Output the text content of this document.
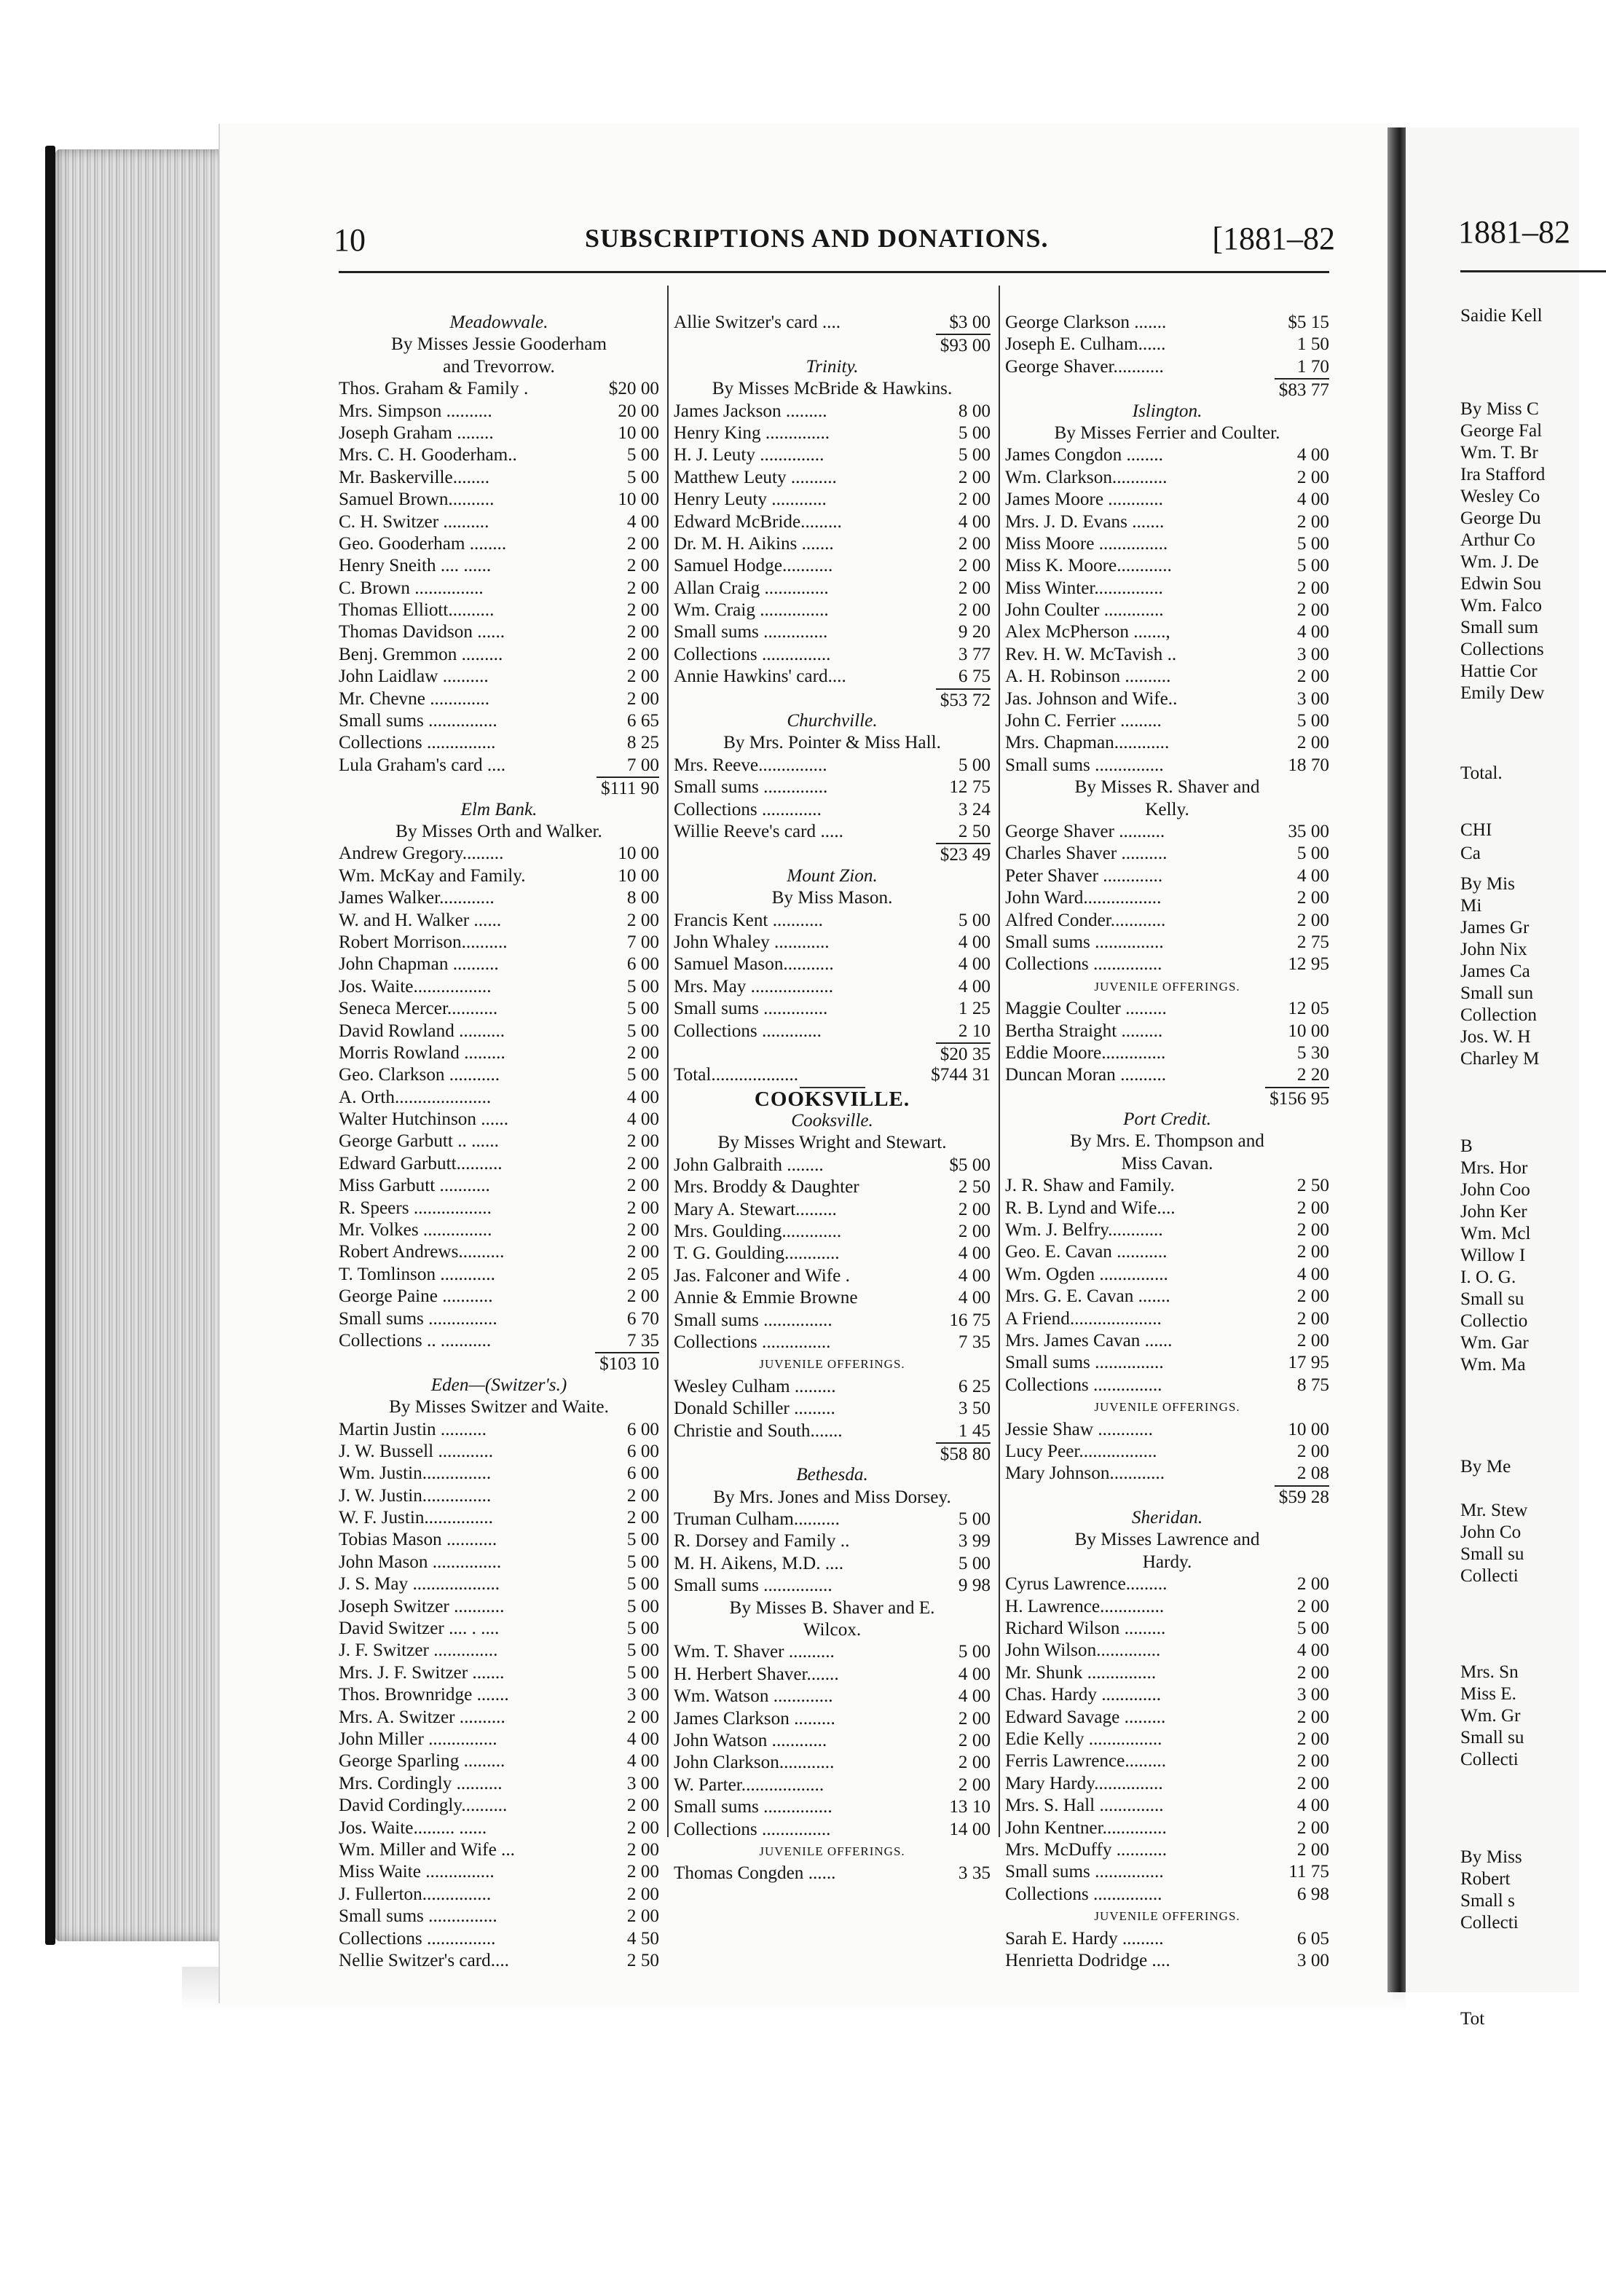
1881–82
Saidie Kell
By Miss C
George Fal
Wm. T. Br
Ira Stafford
Wesley Co
George Du
Arthur Co
Wm. J. De
Edwin Sou
Wm. Falco
Small sum
Collections
Hattie Cor
Emily Dew
Total.
CHI
Ca
By Mis
Mi
James Gr
John Nix
James Ca
Small sun
Collection
Jos. W. H
Charley M
B
Mrs. Hor
John Coo
John Ker
Wm. Mcl
Willow I
I. O. G.
Small su
Collectio
Wm. Gar
Wm. Ma
By Me
Mr. Stew
John Co
Small su
Collecti
Mrs. Sn
Miss E.
Wm. Gr
Small su
Collecti
By Miss
Robert
Small s
Collecti
Tot
10	SUBSCRIPTIONS AND DONATIONS.	[1881–82
Meadowvale.
By Misses Jessie Gooderham
and Trevorrow.
Thos. Graham & Family .	$20 00
Mrs. Simpson ..........	20 00
Joseph Graham ........	10 00
Mrs. C. H. Gooderham..	5 00
Mr. Baskerville........	5 00
Samuel Brown..........	10 00
C. H. Switzer ..........	4 00
Geo. Gooderham ........	2 00
Henry Sneith .... ......	2 00
C. Brown ...............	2 00
Thomas Elliott..........	2 00
Thomas Davidson ......	2 00
Benj. Gremmon .........	2 00
John Laidlaw ..........	2 00
Mr. Chevne .............	2 00
Small sums ...............	6 65
Collections ...............	8 25
Lula Graham's card ....	7 00
$111 90
Elm Bank.
By Misses Orth and Walker.
Andrew Gregory.........	10 00
Wm. McKay and Family.	10 00
James Walker............	8 00
W. and H. Walker ......	2 00
Robert Morrison..........	7 00
John Chapman ..........	6 00
Jos. Waite.................	5 00
Seneca Mercer...........	5 00
David Rowland ..........	5 00
Morris Rowland .........	2 00
Geo. Clarkson ...........	5 00
A. Orth.....................	4 00
Walter Hutchinson ......	4 00
George Garbutt .. ......	2 00
Edward Garbutt..........	2 00
Miss Garbutt ...........	2 00
R. Speers .................	2 00
Mr. Volkes ...............	2 00
Robert Andrews..........	2 00
T. Tomlinson ............	2 05
George Paine ...........	2 00
Small sums ...............	6 70
Collections .. ...........	7 35
$103 10
Eden—(Switzer's.)
By Misses Switzer and Waite.
Martin Justin ..........	6 00
J. W. Bussell ............	6 00
Wm. Justin...............	6 00
J. W. Justin...............	2 00
W. F. Justin...............	2 00
Tobias Mason ...........	5 00
John Mason ...............	5 00
J. S. May ...................	5 00
Joseph Switzer ...........	5 00
David Switzer .... . ....	5 00
J. F. Switzer ..............	5 00
Mrs. J. F. Switzer .......	5 00
Thos. Brownridge .......	3 00
Mrs. A. Switzer ..........	2 00
John Miller ...............	4 00
George Sparling .........	4 00
Mrs. Cordingly ..........	3 00
David Cordingly..........	2 00
Jos. Waite......... ......	2 00
Wm. Miller and Wife ...	2 00
Miss Waite ...............	2 00
J. Fullerton...............	2 00
Small sums ...............	2 00
Collections ...............	4 50
Nellie Switzer's card....	2 50
Allie Switzer's card ....	$3 00
$93 00
Trinity.
By Misses McBride & Hawkins.
James Jackson .........	8 00
Henry King ..............	5 00
H. J. Leuty ..............	5 00
Matthew Leuty ..........	2 00
Henry Leuty ............	2 00
Edward McBride.........	4 00
Dr. M. H. Aikins .......	2 00
Samuel Hodge...........	2 00
Allan Craig ..............	2 00
Wm. Craig ...............	2 00
Small sums ..............	9 20
Collections ...............	3 77
Annie Hawkins' card....	6 75
$53 72
Churchville.
By Mrs. Pointer & Miss Hall.
Mrs. Reeve...............	5 00
Small sums ..............	12 75
Collections .............	3 24
Willie Reeve's card .....	2 50
$23 49
Mount Zion.
By Miss Mason.
Francis Kent ...........	5 00
John Whaley ............	4 00
Samuel Mason...........	4 00
Mrs. May ..................	4 00
Small sums ..............	1 25
Collections .............	2 10
$20 35
Total...................	$744 31
COOKSVILLE.
Cooksville.
By Misses Wright and Stewart.
John Galbraith ........	$5 00
Mrs. Broddy & Daughter	2 50
Mary A. Stewart.........	2 00
Mrs. Goulding.............	2 00
T. G. Goulding............	4 00
Jas. Falconer and Wife .	4 00
Annie & Emmie Browne	4 00
Small sums ...............	16 75
Collections ...............	7 35
JUVENILE OFFERINGS.
Wesley Culham .........	6 25
Donald Schiller .........	3 50
Christie and South.......	1 45
$58 80
Bethesda.
By Mrs. Jones and Miss Dorsey.
Truman Culham..........	5 00
R. Dorsey and Family ..	3 99
M. H. Aikens, M.D. ....	5 00
Small sums ...............	9 98
By Misses B. Shaver and E.
Wilcox.
Wm. T. Shaver ..........	5 00
H. Herbert Shaver.......	4 00
Wm. Watson .............	4 00
James Clarkson .........	2 00
John Watson ............	2 00
John Clarkson............	2 00
W. Parter..................	2 00
Small sums ...............	13 10
Collections ...............	14 00
JUVENILE OFFERINGS.
Thomas Congden ......	3 35
George Clarkson .......	$5 15
Joseph E. Culham......	1 50
George Shaver...........	1 70
$83 77
Islington.
By Misses Ferrier and Coulter.
James Congdon ........	4 00
Wm. Clarkson............	2 00
James Moore ............	4 00
Mrs. J. D. Evans .......	2 00
Miss Moore ...............	5 00
Miss K. Moore............	5 00
Miss Winter...............	2 00
John Coulter .............	2 00
Alex McPherson .......,	4 00
Rev. H. W. McTavish ..	3 00
A. H. Robinson ..........	2 00
Jas. Johnson and Wife..	3 00
John C. Ferrier .........	5 00
Mrs. Chapman............	2 00
Small sums ...............	18 70
By Misses R. Shaver and
Kelly.
George Shaver ..........	35 00
Charles Shaver ..........	5 00
Peter Shaver .............	4 00
John Ward.................	2 00
Alfred Conder............	2 00
Small sums ...............	2 75
Collections ...............	12 95
JUVENILE OFFERINGS.
Maggie Coulter .........	12 05
Bertha Straight .........	10 00
Eddie Moore..............	5 30
Duncan Moran ..........	2 20
$156 95
Port Credit.
By Mrs. E. Thompson and
Miss Cavan.
J. R. Shaw and Family.	2 50
R. B. Lynd and Wife....	2 00
Wm. J. Belfry............	2 00
Geo. E. Cavan ...........	2 00
Wm. Ogden ...............	4 00
Mrs. G. E. Cavan .......	2 00
A Friend....................	2 00
Mrs. James Cavan ......	2 00
Small sums ...............	17 95
Collections ...............	8 75
JUVENILE OFFERINGS.
Jessie Shaw ............	10 00
Lucy Peer.................	2 00
Mary Johnson............	2 08
$59 28
Sheridan.
By Misses Lawrence and
Hardy.
Cyrus Lawrence.........	2 00
H. Lawrence..............	2 00
Richard Wilson .........	5 00
John Wilson..............	4 00
Mr. Shunk ...............	2 00
Chas. Hardy .............	3 00
Edward Savage .........	2 00
Edie Kelly ................	2 00
Ferris Lawrence.........	2 00
Mary Hardy...............	2 00
Mrs. S. Hall ..............	4 00
John Kentner..............	2 00
Mrs. McDuffy ...........	2 00
Small sums ...............	11 75
Collections ...............	6 98
JUVENILE OFFERINGS.
Sarah E. Hardy .........	6 05
Henrietta Dodridge ....	3 00
